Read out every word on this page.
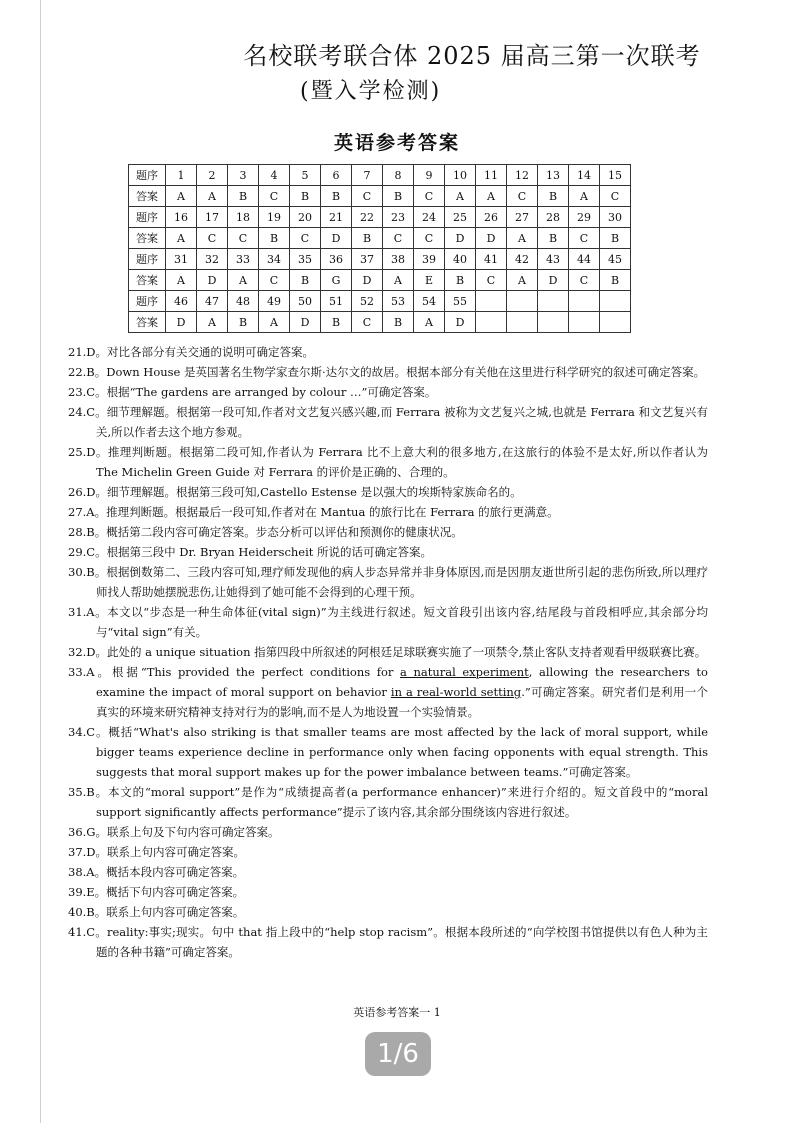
名校联考联合体 2025 届高三第一次联考
(暨入学检测)
英语参考答案
题序	1	2	3	4	5	6	7	8	9	10	11	12	13	14	15
答案	A	A	B	C	B	B	C	B	C	A	A	C	B	A	C
题序	16	17	18	19	20	21	22	23	24	25	26	27	28	29	30
答案	A	C	C	B	C	D	B	C	C	D	D	A	B	C	B
题序	31	32	33	34	35	36	37	38	39	40	41	42	43	44	45
答案	A	D	A	C	B	G	D	A	E	B	C	A	D	C	B
题序	46	47	48	49	50	51	52	53	54	55					
答案	D	A	B	A	D	B	C	B	A	D					

21.D。对比各部分有关交通的说明可确定答案。

22.B。Down House 是英国著名生物学家查尔斯·达尔文的故居。根据本部分有关他在这里进行科学研究的叙述可确定答案。

23.C。根据“The gardens are arranged by colour …”可确定答案。

24.C。细节理解题。根据第一段可知,作者对文艺复兴感兴趣,而 Ferrara 被称为文艺复兴之城,也就是 Ferrara 和文艺复兴有关,所以作者去这个地方参观。

25.D。推理判断题。根据第二段可知,作者认为 Ferrara 比不上意大利的很多地方,在这旅行的体验不是太好,所以作者认为 The Michelin Green Guide 对 Ferrara 的评价是正确的、合理的。

26.D。细节理解题。根据第三段可知,Castello Estense 是以强大的埃斯特家族命名的。

27.A。推理判断题。根据最后一段可知,作者对在 Mantua 的旅行比在 Ferrara 的旅行更满意。

28.B。概括第二段内容可确定答案。步态分析可以评估和预测你的健康状况。

29.C。根据第三段中 Dr. Bryan Heiderscheit 所说的话可确定答案。

30.B。根据倒数第二、三段内容可知,理疗师发现他的病人步态异常并非身体原因,而是因朋友逝世所引起的悲伤所致,所以理疗师找人帮助她摆脱悲伤,让她得到了她可能不会得到的心理干预。

31.A。本文以“步态是一种生命体征(vital sign)”为主线进行叙述。短文首段引出该内容,结尾段与首段相呼应,其余部分均与“vital sign”有关。

32.D。此处的 a unique situation 指第四段中所叙述的阿根廷足球联赛实施了一项禁令,禁止客队支持者观看甲级联赛比赛。

33.A。根据“This provided the perfect conditions for a natural experiment, allowing the researchers to examine the impact of moral support on behavior in a real-world setting.”可确定答案。研究者们是利用一个真实的环境来研究精神支持对行为的影响,而不是人为地设置一个实验情景。

34.C。概括“What's also striking is that smaller teams are most affected by the lack of moral support, while bigger teams experience decline in performance only when facing opponents with equal strength. This suggests that moral support makes up for the power imbalance between teams.”可确定答案。

35.B。本文的“moral support”是作为“成绩提高者(a performance enhancer)”来进行介绍的。短文首段中的“moral support significantly affects performance”提示了该内容,其余部分围绕该内容进行叙述。

36.G。联系上句及下句内容可确定答案。

37.D。联系上句内容可确定答案。

38.A。概括本段内容可确定答案。

39.E。概括下句内容可确定答案。

40.B。联系上句内容可确定答案。

41.C。reality:事实;现实。句中 that 指上段中的“help stop racism”。根据本段所述的“向学校图书馆提供以有色人种为主题的各种书籍”可确定答案。

英语参考答案一 1
1/6
